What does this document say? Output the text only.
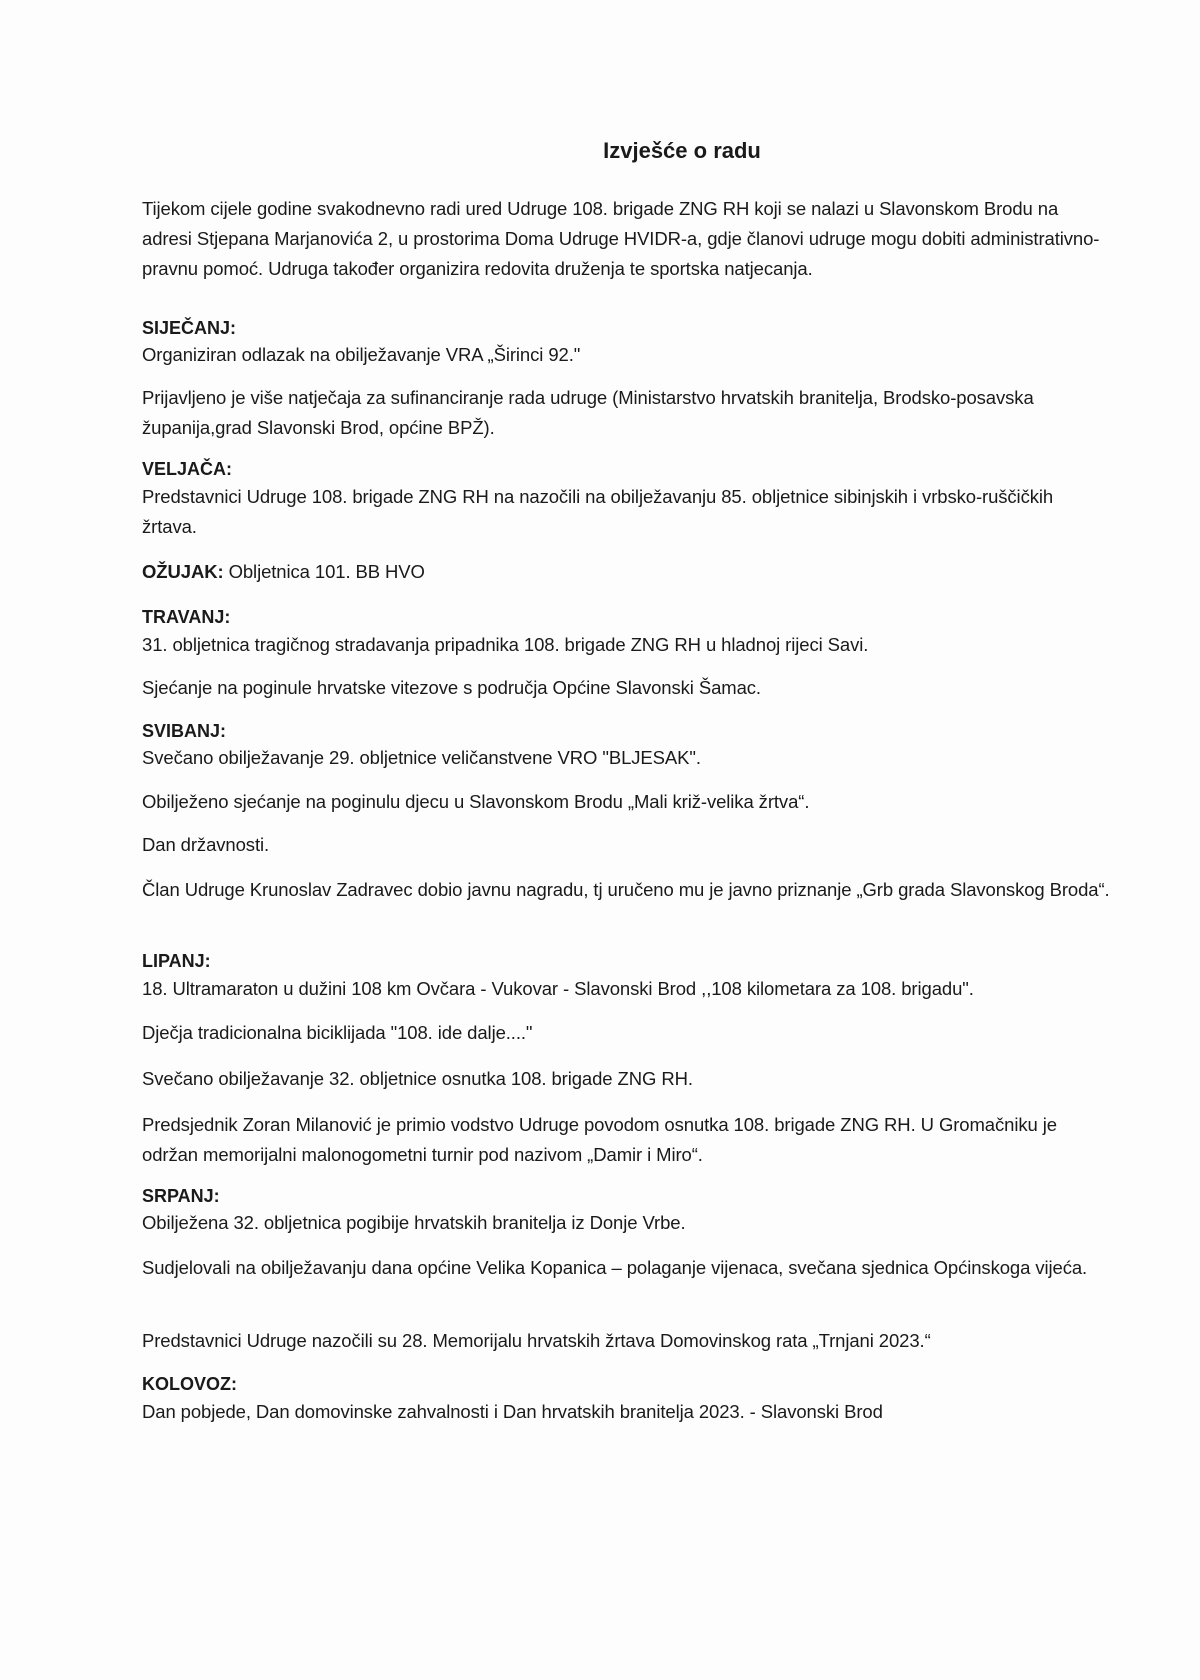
Izvješće o radu
Tijekom cijele godine svakodnevno radi ured Udruge 108. brigade ZNG RH koji se nalazi u Slavonskom Brodu na adresi Stjepana Marjanovića 2, u prostorima Doma Udruge HVIDR-a, gdje članovi udruge mogu dobiti administrativno-pravnu pomoć. Udruga također organizira redovita druženja te sportska natjecanja.
SIJEČANJ:
Organiziran odlazak na obilježavanje VRA „Širinci 92."
Prijavljeno je više natječaja za sufinanciranje rada udruge (Ministarstvo hrvatskih branitelja, Brodsko-posavska županija,grad Slavonski Brod, općine BPŽ).
VELJAČA:
Predstavnici Udruge 108. brigade ZNG RH na nazočili na obilježavanju 85. obljetnice sibinjskih i vrbsko-ruščičkih žrtava.
OŽUJAK: Obljetnica 101. BB HVO
TRAVANJ:
31. obljetnica tragičnog stradavanja pripadnika 108. brigade ZNG RH u hladnoj rijeci Savi.
Sjećanje na poginule hrvatske vitezove s područja Općine Slavonski Šamac.
SVIBANJ:
Svečano obilježavanje 29. obljetnice veličanstvene VRO "BLJESAK".
Obilježeno sjećanje na poginulu djecu u Slavonskom Brodu „Mali križ-velika žrtva“.
Dan državnosti.
Član Udruge Krunoslav Zadravec dobio javnu nagradu, tj uručeno mu je javno priznanje „Grb grada Slavonskog Broda“.
LIPANJ:
18. Ultramaraton u dužini 108 km Ovčara - Vukovar - Slavonski Brod ,,108 kilometara za 108. brigadu".
Dječja tradicionalna biciklijada "108. ide dalje...."
Svečano obilježavanje 32. obljetnice osnutka 108. brigade ZNG RH.
Predsjednik Zoran Milanović je primio vodstvo Udruge povodom osnutka 108. brigade ZNG RH. U Gromačniku je održan memorijalni malonogometni turnir pod nazivom „Damir i Miro“.
SRPANJ:
Obilježena 32. obljetnica pogibije hrvatskih branitelja iz Donje Vrbe.
Sudjelovali na obilježavanju dana općine Velika Kopanica – polaganje vijenaca, svečana sjednica Općinskoga vijeća.
Predstavnici Udruge nazočili su 28. Memorijalu hrvatskih žrtava Domovinskog rata „Trnjani 2023.“
KOLOVOZ:
Dan pobjede, Dan domovinske zahvalnosti i Dan hrvatskih branitelja 2023. - Slavonski Brod
